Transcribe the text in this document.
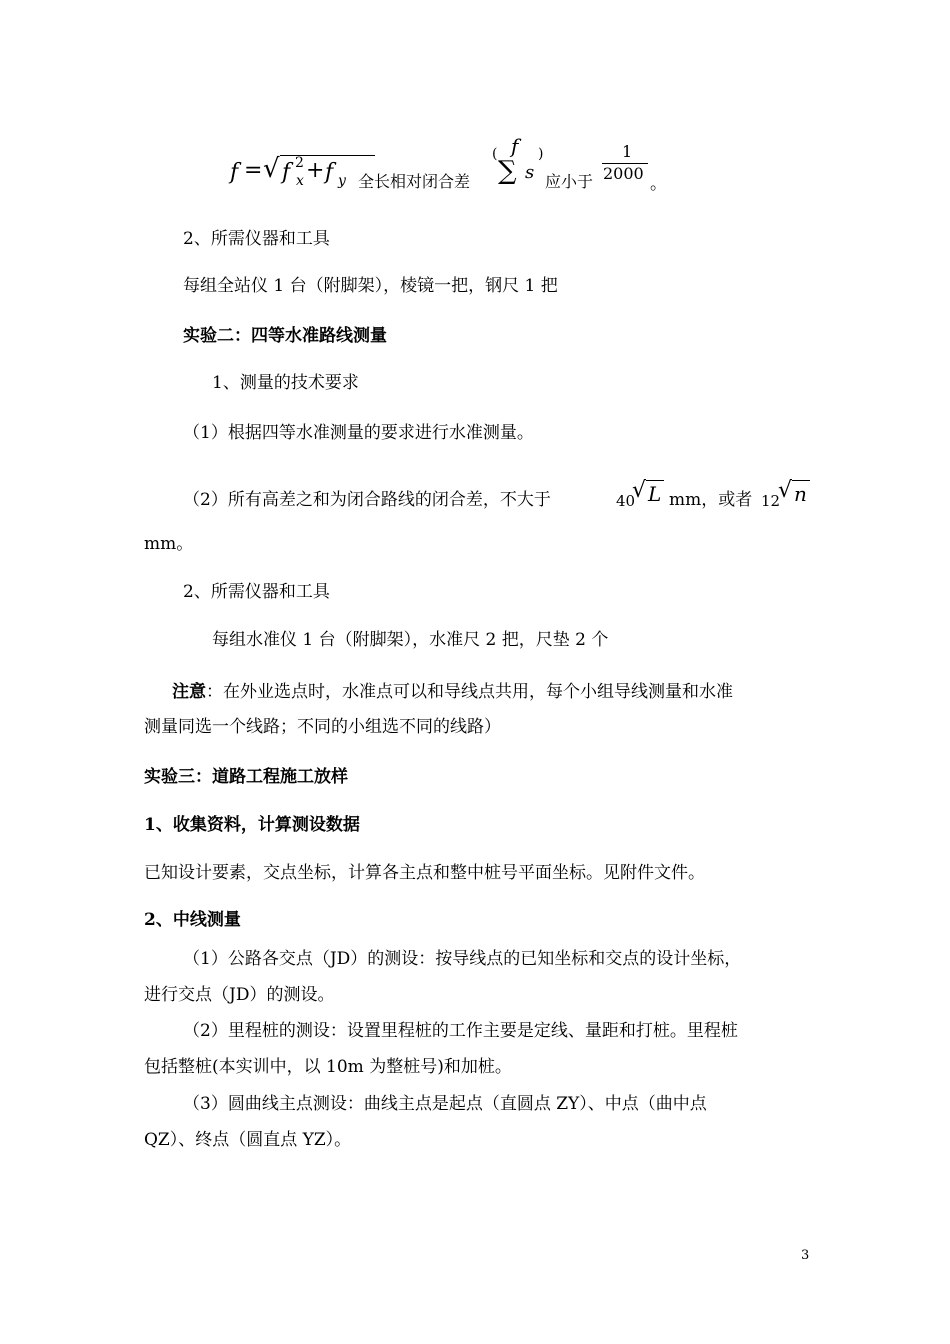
f = √ f 2
x + f y 全长相对闭合差
( f
∑ s
)
应小于
1
2000
。
2、所需仪器和工具
每组全站仪 1 台（附脚架），棱镜一把，钢尺 1 把
实验二：四等水准路线测量
1、测量的技术要求
（1）根据四等水准测量的要求进行水准测量。
（2）所有高差之和为闭合路线的闭合差，不大于	40
√ L mm，或者 12
√ n
mm。
2、所需仪器和工具
每组水准仪 1 台（附脚架），水准尺 2 把，尺垫 2 个
注意：在外业选点时，水准点可以和导线点共用，每个小组导线测量和水准
测量同选一个线路；不同的小组选不同的线路）
实验三：道路工程施工放样
1、收集资料，计算测设数据
已知设计要素，交点坐标，计算各主点和整中桩号平面坐标。见附件文件。
2、中线测量
（1）公路各交点（JD）的测设：按导线点的已知坐标和交点的设计坐标，
进行交点（JD）的测设。
（2）里程桩的测设：设置里程桩的工作主要是定线、量距和打桩。里程桩
包括整桩(本实训中，以 10m 为整桩号)和加桩。
（3）圆曲线主点测设：曲线主点是起点（直圆点 ZY）、中点（曲中点
QZ）、终点（圆直点 YZ）。
3
